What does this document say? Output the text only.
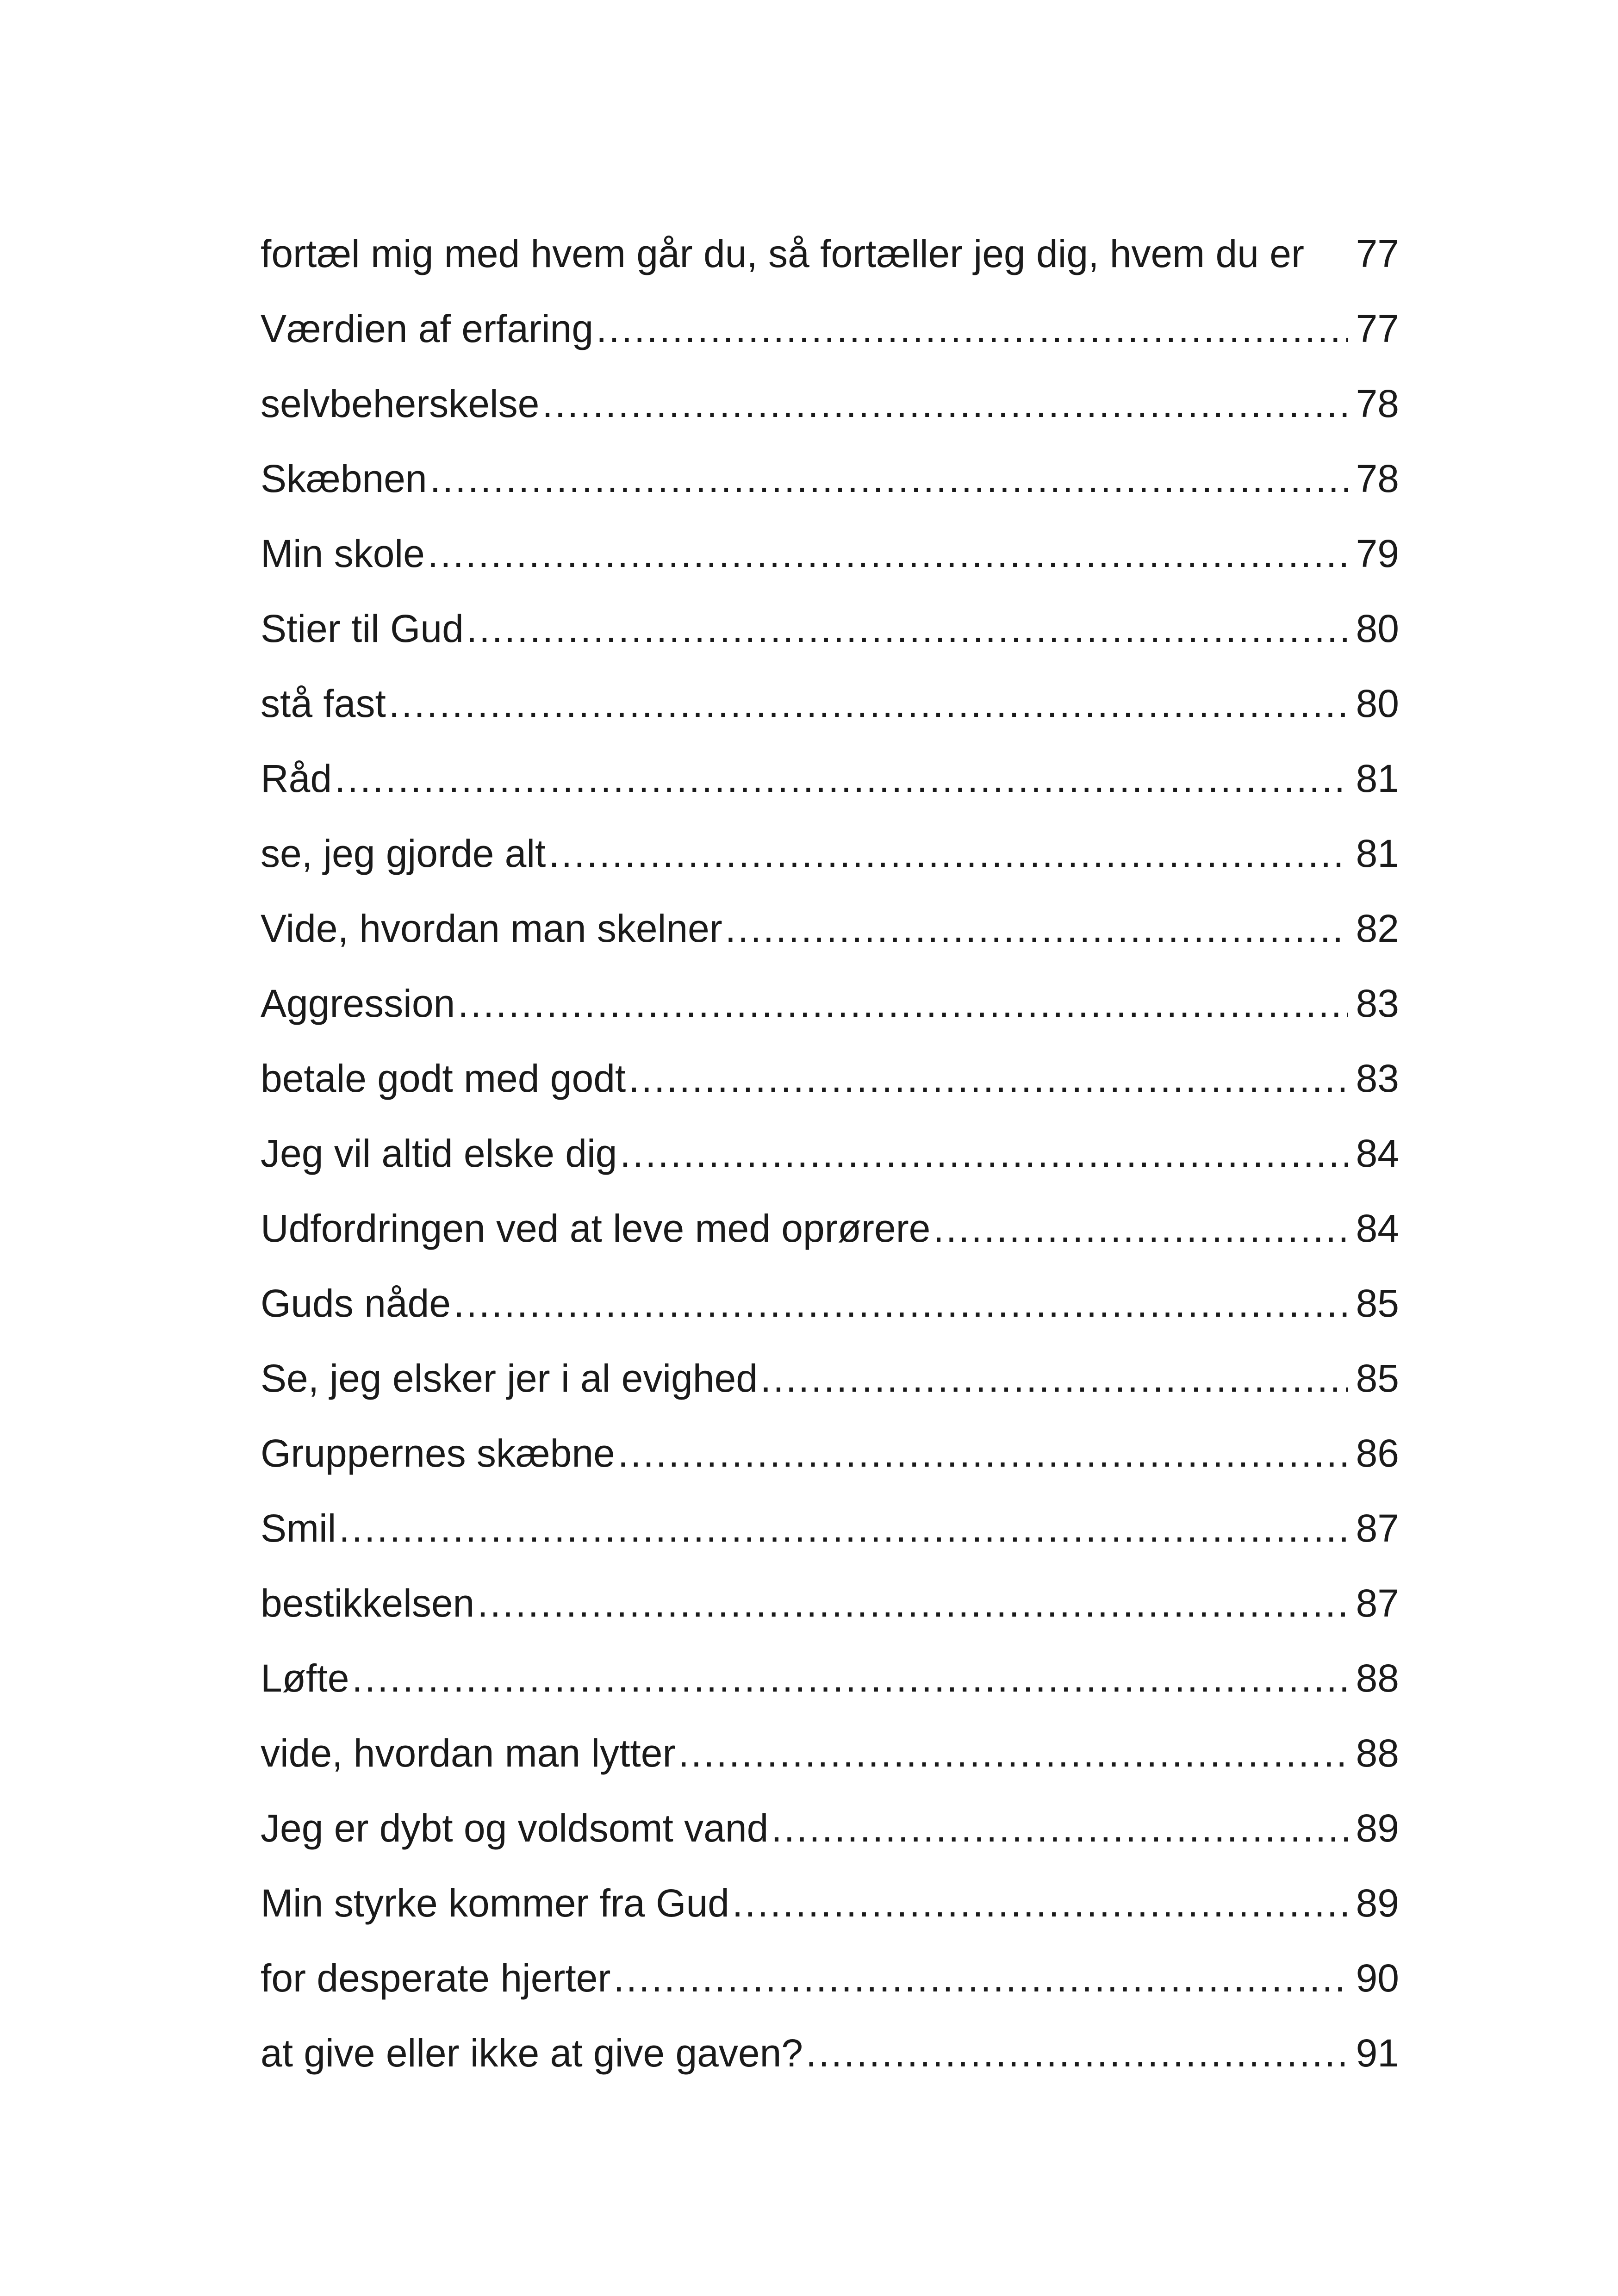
fortæl mig med hvem går du, så fortæller jeg dig, hvem du er 77
Værdien af erfaring .....	77
selvbeherskelse .....	78
Skæbnen .....	78
Min skole .....	79
Stier til Gud .....	80
stå fast .....	80
Råd .....	81
se, jeg gjorde alt .....	81
Vide, hvordan man skelner .....	82
Aggression .....	83
betale godt med godt .....	83
Jeg vil altid elske dig .....	84
Udfordringen ved at leve med oprørere .....	84
Guds nåde .....	85
Se, jeg elsker jer i al evighed .....	85
Gruppernes skæbne .....	86
Smil .....	87
bestikkelsen .....	87
Løfte .....	88
vide, hvordan man lytter .....	88
Jeg er dybt og voldsomt vand .....	89
Min styrke kommer fra Gud .....	89
for desperate hjerter .....	90
at give eller ikke at give gaven? .....	91
